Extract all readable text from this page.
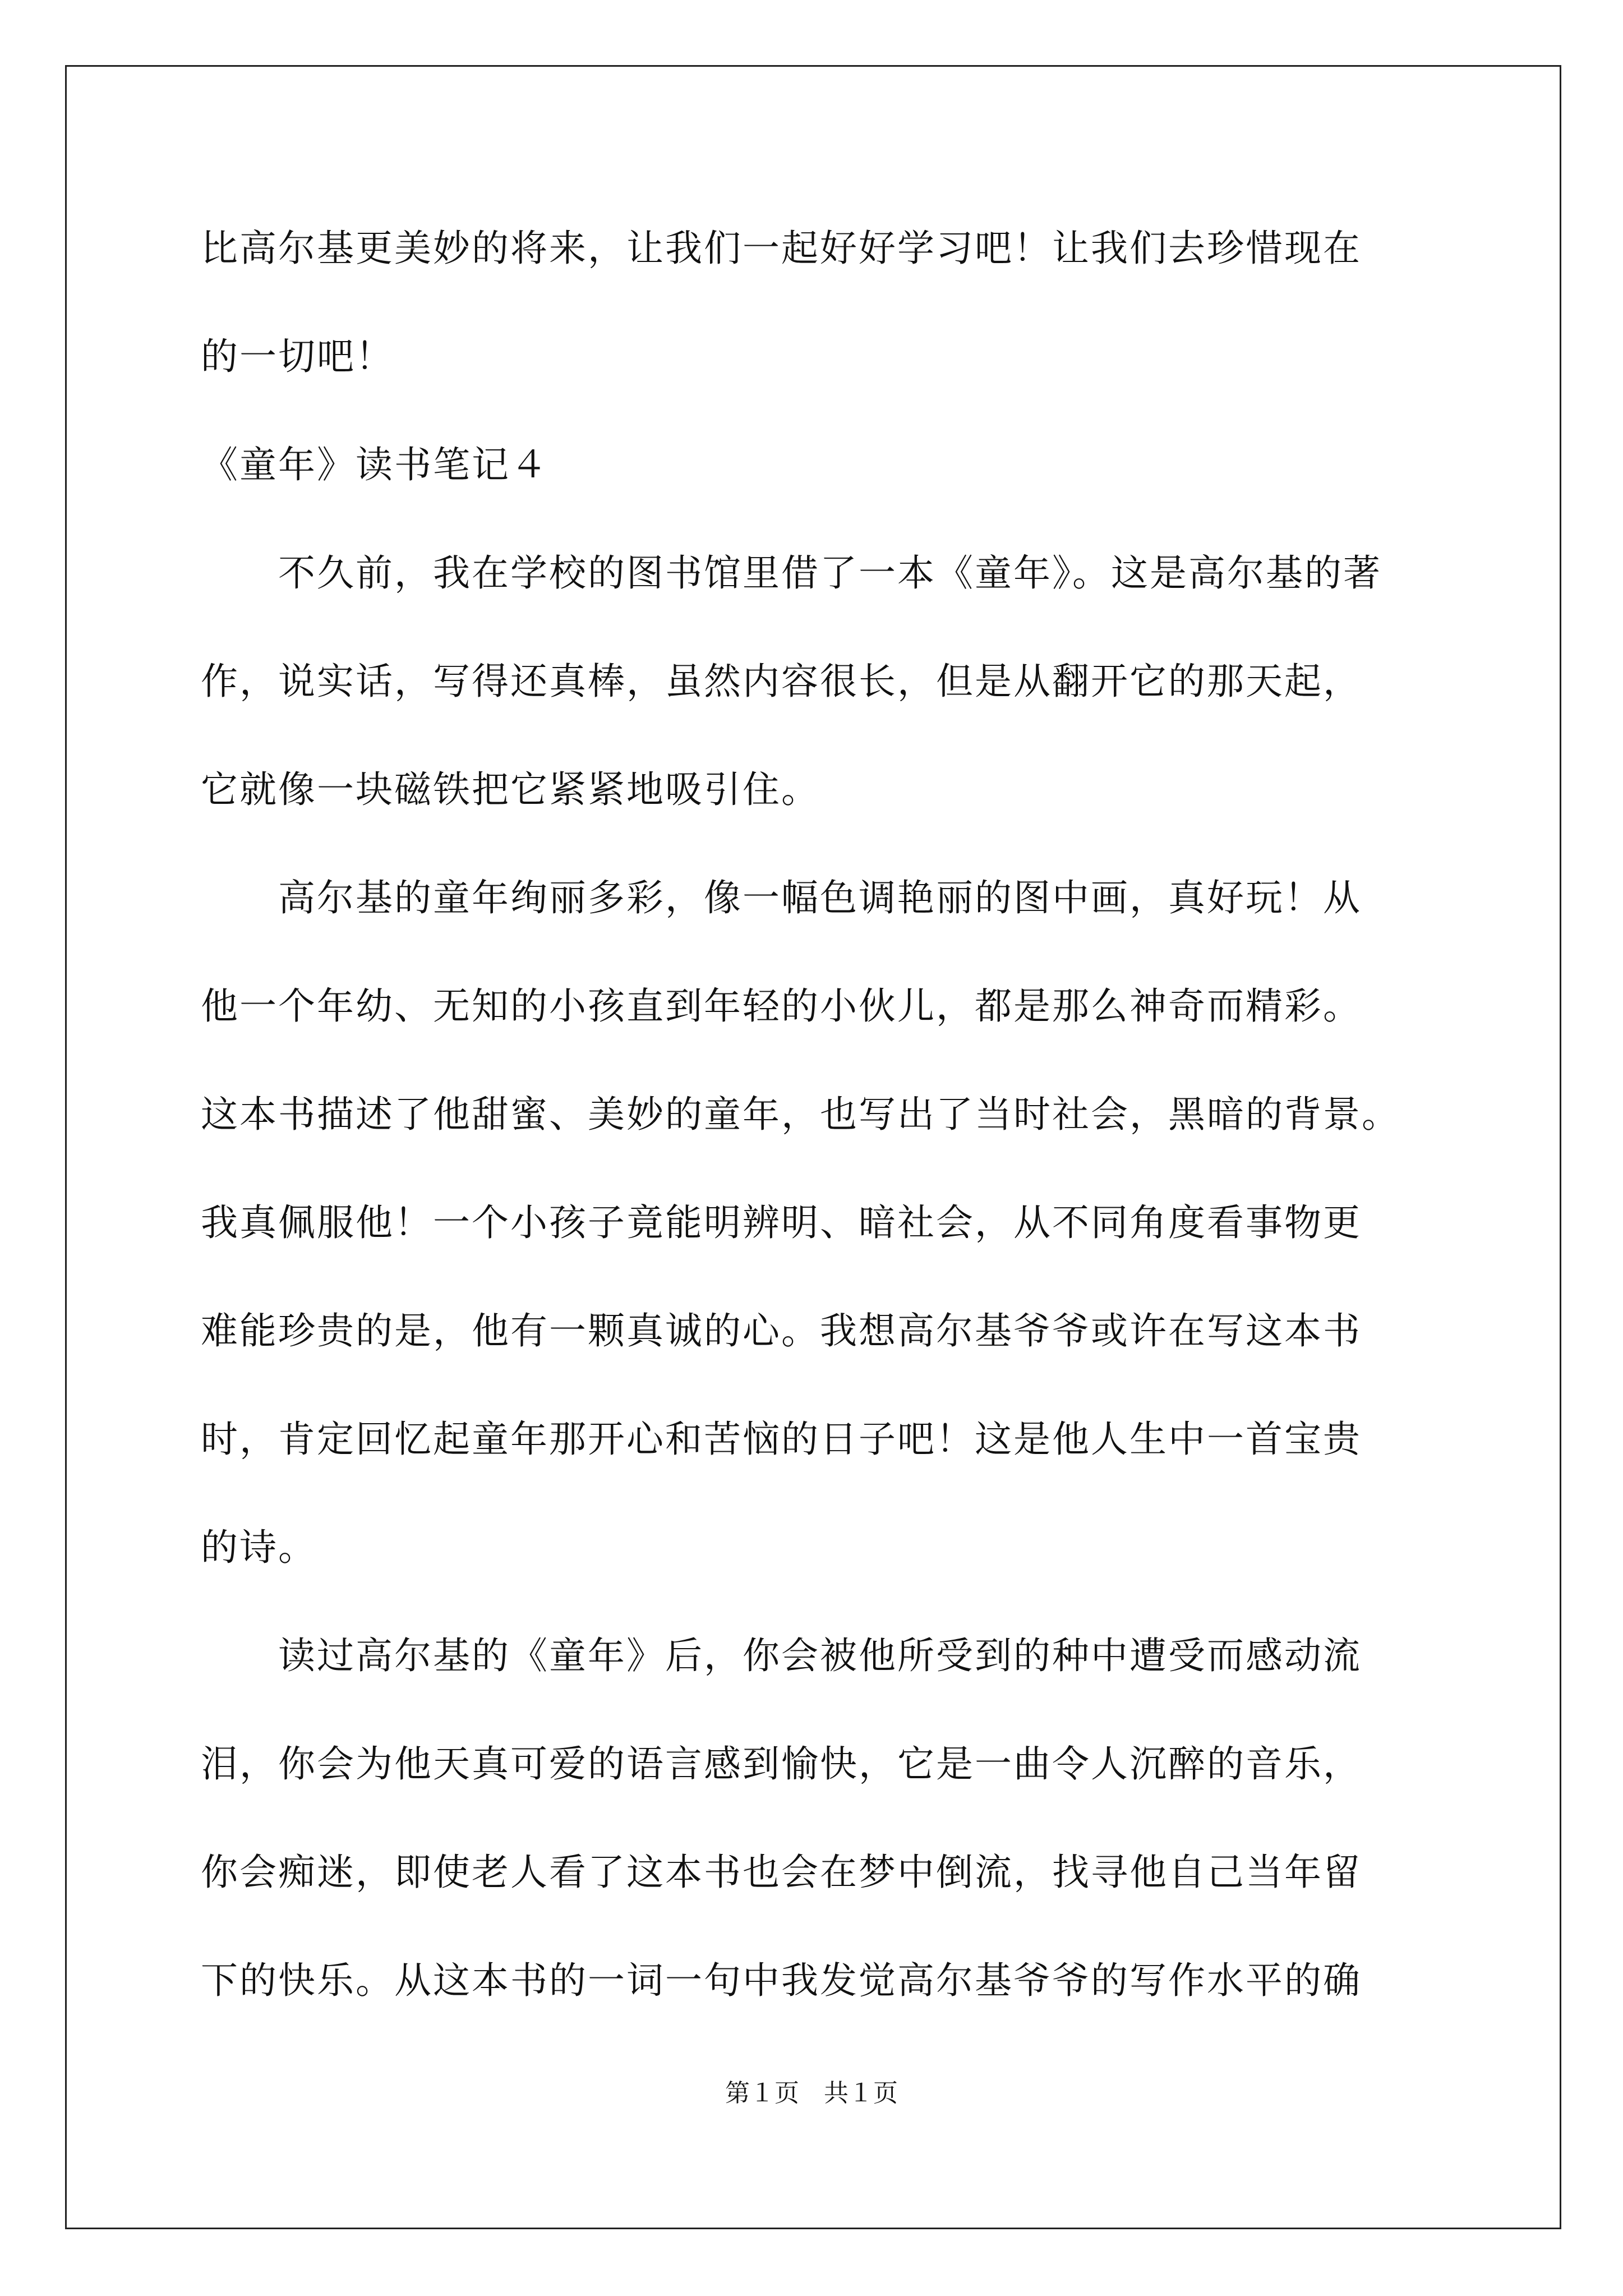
比高尔基更美妙的将来，让我们一起好好学习吧！让我们去珍惜现在
的一切吧！
《童年》读书笔记４
　　不久前，我在学校的图书馆里借了一本《童年》。这是高尔基的著
作，说实话，写得还真棒，虽然内容很长，但是从翻开它的那天起，
它就像一块磁铁把它紧紧地吸引住。
　　高尔基的童年绚丽多彩，像一幅色调艳丽的图中画，真好玩！从
他一个年幼、无知的小孩直到年轻的小伙儿，都是那么神奇而精彩。
这本书描述了他甜蜜、美妙的童年，也写出了当时社会，黑暗的背景。
我真佩服他！一个小孩子竟能明辨明、暗社会，从不同角度看事物更
难能珍贵的是，他有一颗真诚的心。我想高尔基爷爷或许在写这本书
时，肯定回忆起童年那开心和苦恼的日子吧！这是他人生中一首宝贵
的诗。
　　读过高尔基的《童年》后，你会被他所受到的种中遭受而感动流
泪，你会为他天真可爱的语言感到愉快，它是一曲令人沉醉的音乐，
你会痴迷，即使老人看了这本书也会在梦中倒流，找寻他自己当年留
下的快乐。从这本书的一词一句中我发觉高尔基爷爷的写作水平的确
第１页　共１页
